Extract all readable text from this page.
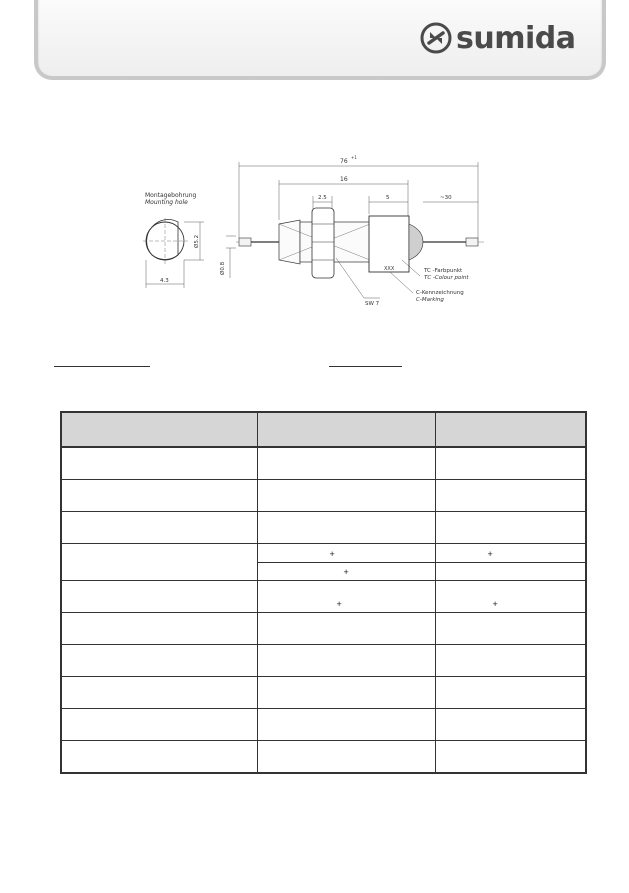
sumida
Montagebohrung
Mounting hole
Ø5.2
4.3
Ø0.8
76
+1
16
2.5	5	~30
XXX
SW 7
TC -Farbpunkt
TC -Colour point
C-Kennzeichnung
C-Marking

	+	+

	+	

	+	+
